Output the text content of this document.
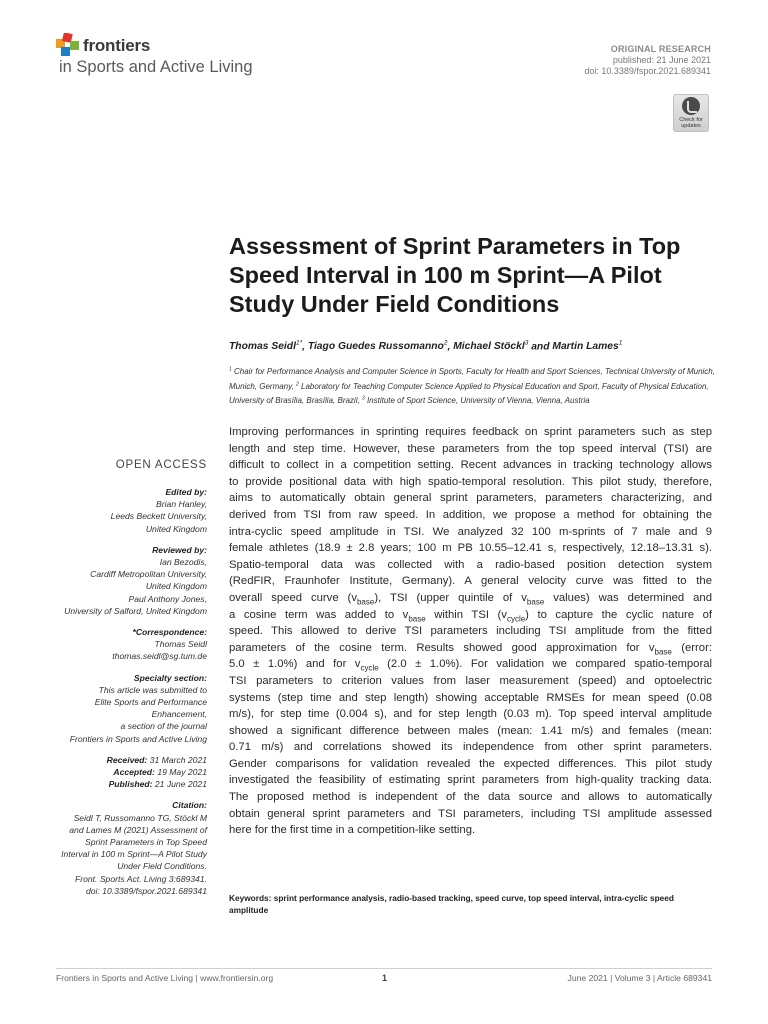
frontiers
in Sports and Active Living
ORIGINAL RESEARCH
published: 21 June 2021
doi: 10.3389/fspor.2021.689341
Check for updates
Assessment of Sprint Parameters in Top Speed Interval in 100 m Sprint—A Pilot Study Under Field Conditions
Thomas Seidl$^{1*}$, Tiago Guedes Russomanno$^2$, Michael Stöckl$^3$ and Martin Lames$^1$
$^1$ Chair for Performance Analysis and Computer Science in Sports, Faculty for Health and Sport Sciences, Technical University of Munich, Munich, Germany, $^2$ Laboratory for Teaching Computer Science Applied to Physical Education and Sport, Faculty of Physical Education, University of Brasília, Brasília, Brazil, $^3$ Institute of Sport Science, University of Vienna, Vienna, Austria
OPEN ACCESS
Edited by:
Brian Hanley,
Leeds Beckett University,
United Kingdom
Reviewed by:
Ian Bezodis,
Cardiff Metropolitan University,
United Kingdom
Paul Anthony Jones,
University of Salford, United Kingdom
*Correspondence:
Thomas Seidl
thomas.seidl@sg.tum.de
Specialty section:
This article was submitted to
Elite Sports and Performance
Enhancement,
a section of the journal
Frontiers in Sports and Active Living
Received: 31 March 2021
Accepted: 19 May 2021
Published: 21 June 2021
Citation:
Seidl T, Russomanno TG, Stöckl M
and Lames M (2021) Assessment of
Sprint Parameters in Top Speed
Interval in 100 m Sprint—A Pilot Study
Under Field Conditions.
Front. Sports Act. Living 3:689341.
doi: 10.3389/fspor.2021.689341

Improving performances in sprinting requires feedback on sprint parameters such as step
length and step time. However, these parameters from the top speed interval (TSI) are
difficult to collect in a competition setting. Recent advances in tracking technology allows
to provide positional data with high spatio-temporal resolution. This pilot study, therefore,
aims to automatically obtain general sprint parameters, parameters characterizing, and
derived from TSI from raw speed. In addition, we propose a method for obtaining the
intra-cyclic speed amplitude in TSI. We analyzed 32 100 m-sprints of 7 male and 9
female athletes (18.9 ± 2.8 years; 100 m PB 10.55–12.41 s, respectively, 12.18–13.31 s).
Spatio-temporal data was collected with a radio-based position detection system
(RedFIR, Fraunhofer Institute, Germany). A general velocity curve was fitted to the
overall speed curve $(v_{base})$, TSI (upper quintile of $v_{base}$ values) was determined and
a cosine term was added to $v_{base}$ within TSI $(v_{cycle})$ to capture the cyclic nature of
speed. This allowed to derive TSI parameters including TSI amplitude from the fitted
parameters of the cosine term. Results showed good approximation for $v_{base}$ (error:
5.0 ± 1.0%) and for $v_{cycle}$ (2.0 ± 1.0%). For validation we compared spatio-temporal
TSI parameters to criterion values from laser measurement (speed) and optoelectric
systems (step time and step length) showing acceptable RMSEs for mean speed (0.08
m/s), for step time (0.004 s), and for step length (0.03 m). Top speed interval amplitude
showed a significant difference between males (mean: 1.41 m/s) and females (mean:
0.71 m/s) and correlations showed its independence from other sprint parameters.
Gender comparisons for validation revealed the expected differences. This pilot study
investigated the feasibility of estimating sprint parameters from high-quality tracking data.
The proposed method is independent of the data source and allows to automatically
obtain general sprint parameters and TSI parameters, including TSI amplitude assessed
here for the first time in a competition-like setting.

Keywords: sprint performance analysis, radio-based tracking, speed curve, top speed interval, intra-cyclic speed amplitude
Frontiers in Sports and Active Living | www.frontiersin.org	1	June 2021 | Volume 3 | Article 689341
